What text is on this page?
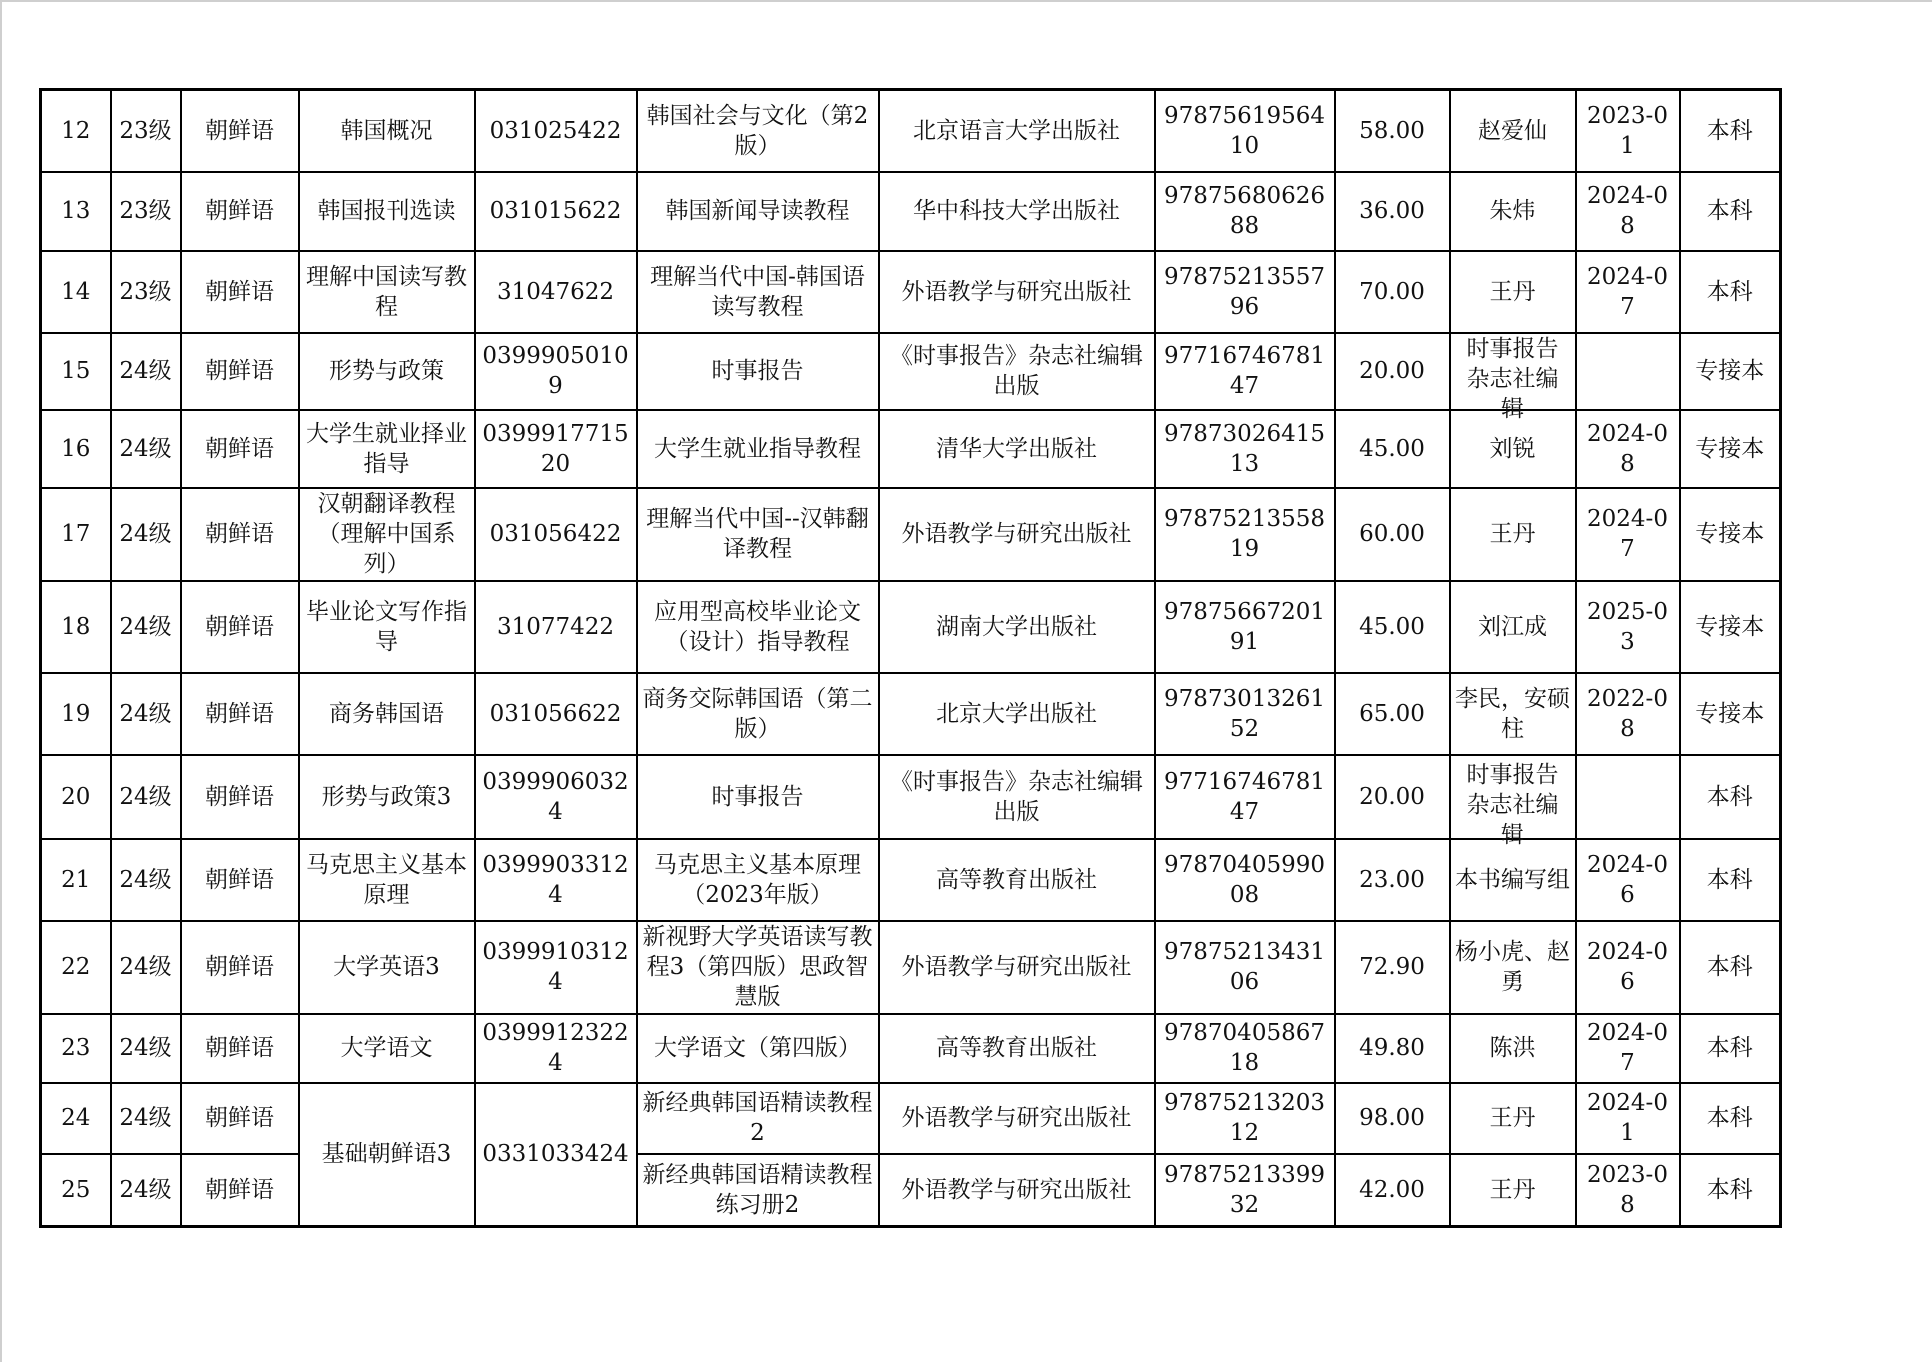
12	23级	朝鲜语	韩国概况	031025422	韩国社会与文化（第2版）	北京语言大学出版社	9787561956410	58.00	赵爱仙	2023-01	本科
13	23级	朝鲜语	韩国报刊选读	031015622	韩国新闻导读教程	华中科技大学出版社	9787568062688	36.00	朱炜	2024-08	本科
14	23级	朝鲜语	理解中国读写教程	31047622	理解当代中国-韩国语读写教程	外语教学与研究出版社	9787521355796	70.00	王丹	2024-07	本科
15	24级	朝鲜语	形势与政策	03999050109	时事报告	《时事报告》杂志社编辑出版	9771674678147	20.00	时事报告杂志社编辑		专接本
16	24级	朝鲜语	大学生就业择业指导	039991771520	大学生就业指导教程	清华大学出版社	9787302641513	45.00	刘锐	2024-08	专接本
17	24级	朝鲜语	汉朝翻译教程（理解中国系列）	031056422	理解当代中国--汉韩翻译教程	外语教学与研究出版社	9787521355819	60.00	王丹	2024-07	专接本
18	24级	朝鲜语	毕业论文写作指导	31077422	应用型高校毕业论文（设计）指导教程	湖南大学出版社	9787566720191	45.00	刘江成	2025-03	专接本
19	24级	朝鲜语	商务韩国语	031056622	商务交际韩国语（第二版）	北京大学出版社	9787301326152	65.00	李民，安硕柱	2022-08	专接本
20	24级	朝鲜语	形势与政策3	03999060324	时事报告	《时事报告》杂志社编辑出版	9771674678147	20.00	时事报告杂志社编辑		本科
21	24级	朝鲜语	马克思主义基本原理	03999033124	马克思主义基本原理（2023年版）	高等教育出版社	9787040599008	23.00	本书编写组	2024-06	本科
22	24级	朝鲜语	大学英语3	03999103124	新视野大学英语读写教程3（第四版）思政智慧版	外语教学与研究出版社	9787521343106	72.90	杨小虎、赵勇	2024-06	本科
23	24级	朝鲜语	大学语文	03999123224	大学语文（第四版）	高等教育出版社	9787040586718	49.80	陈洪	2024-07	本科
24	24级	朝鲜语	基础朝鲜语3	0331033424	新经典韩国语精读教程2	外语教学与研究出版社	9787521320312	98.00	王丹	2024-01	本科
25	24级	朝鲜语			新经典韩国语精读教程练习册2	外语教学与研究出版社	9787521339932	42.00	王丹	2023-08	本科
